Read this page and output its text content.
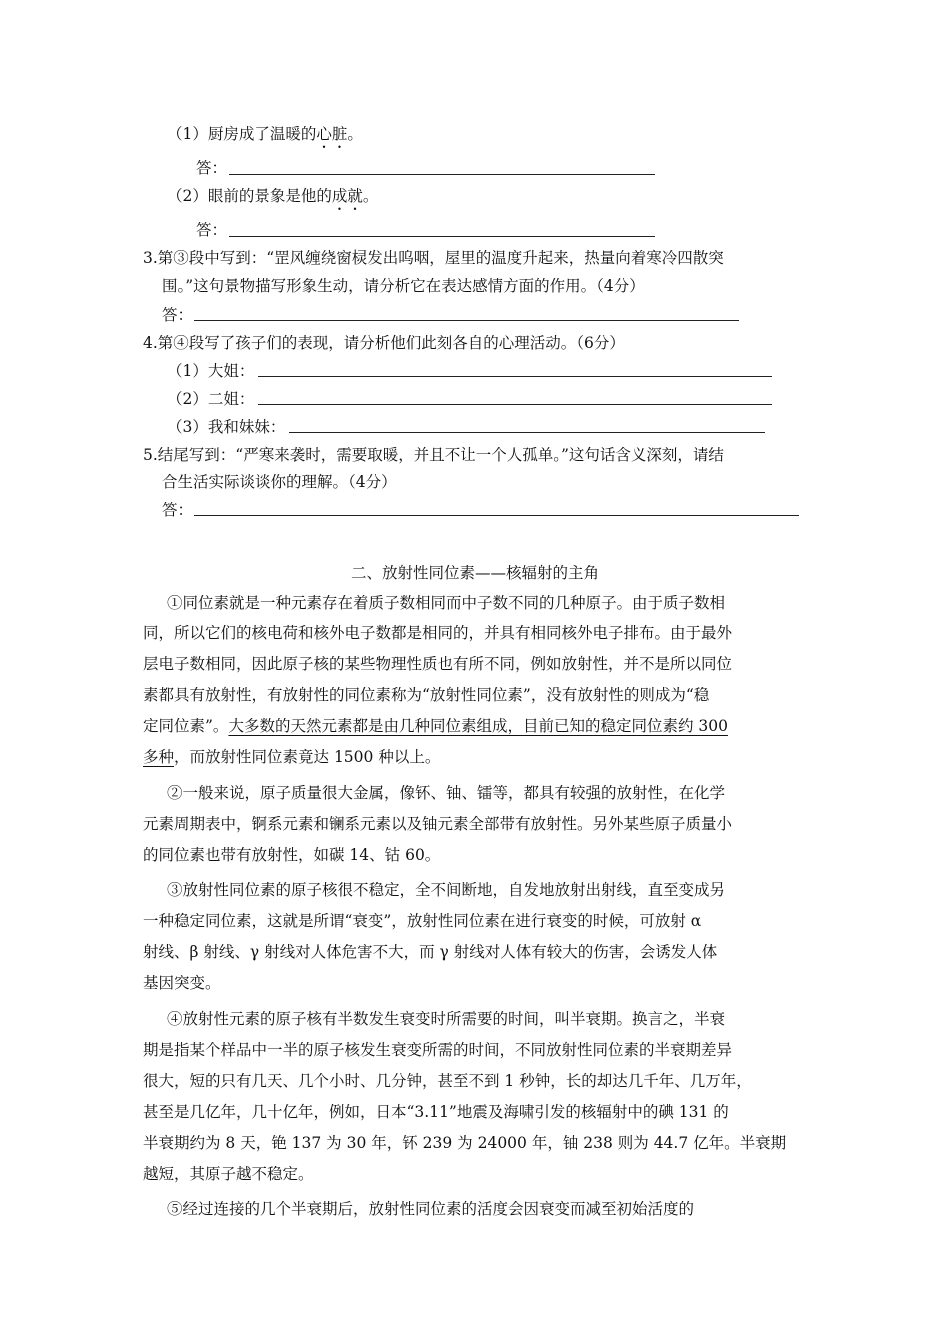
（1）厨房成了温暖的心脏。
答：
（2）眼前的景象是他的成就。
答：
3.第③段中写到：“罡风缠绕窗棂发出呜咽，屋里的温度升起来，热量向着寒冷四散突
围。”这句景物描写形象生动，请分析它在表达感情方面的作用。（4分）
答：
4.第④段写了孩子们的表现，请分析他们此刻各自的心理活动。（6分）
（1）大姐：
（2）二姐：
（3）我和妹妹：
5.结尾写到：“严寒来袭时，需要取暖，并且不让一个人孤单。”这句话含义深刻，请结
合生活实际谈谈你的理解。（4分）
答：
二、放射性同位素——核辐射的主角
①同位素就是一种元素存在着质子数相同而中子数不同的几种原子。由于质子数相
同，所以它们的核电荷和核外电子数都是相同的，并具有相同核外电子排布。由于最外
层电子数相同，因此原子核的某些物理性质也有所不同，例如放射性，并不是所以同位
素都具有放射性，有放射性的同位素称为“放射性同位素”，没有放射性的则成为“稳
定同位素”。大多数的天然元素都是由几种同位素组成，目前已知的稳定同位素约 300
多种，而放射性同位素竟达 1500 种以上。
②一般来说，原子质量很大金属，像钚、铀、镭等，都具有较强的放射性，在化学
元素周期表中，锕系元素和镧系元素以及铀元素全部带有放射性。另外某些原子质量小
的同位素也带有放射性，如碳 14、钴 60。
③放射性同位素的原子核很不稳定，全不间断地，自发地放射出射线，直至变成另
一种稳定同位素，这就是所谓“衰变”，放射性同位素在进行衰变的时候，可放射 α
射线、β 射线、γ 射线对人体危害不大，而 γ 射线对人体有较大的伤害，会诱发人体
基因突变。
④放射性元素的原子核有半数发生衰变时所需要的时间，叫半衰期。换言之，半衰
期是指某个样品中一半的原子核发生衰变所需的时间，不同放射性同位素的半衰期差异
很大，短的只有几天、几个小时、几分钟，甚至不到 1 秒钟，长的却达几千年、几万年，
甚至是几亿年，几十亿年，例如，日本“3.11”地震及海啸引发的核辐射中的碘 131 的
半衰期约为 8 天，铯 137 为 30 年，钚 239 为 24000 年，铀 238 则为 44.7 亿年。半衰期
越短，其原子越不稳定。
⑤经过连接的几个半衰期后，放射性同位素的活度会因衰变而减至初始活度的
